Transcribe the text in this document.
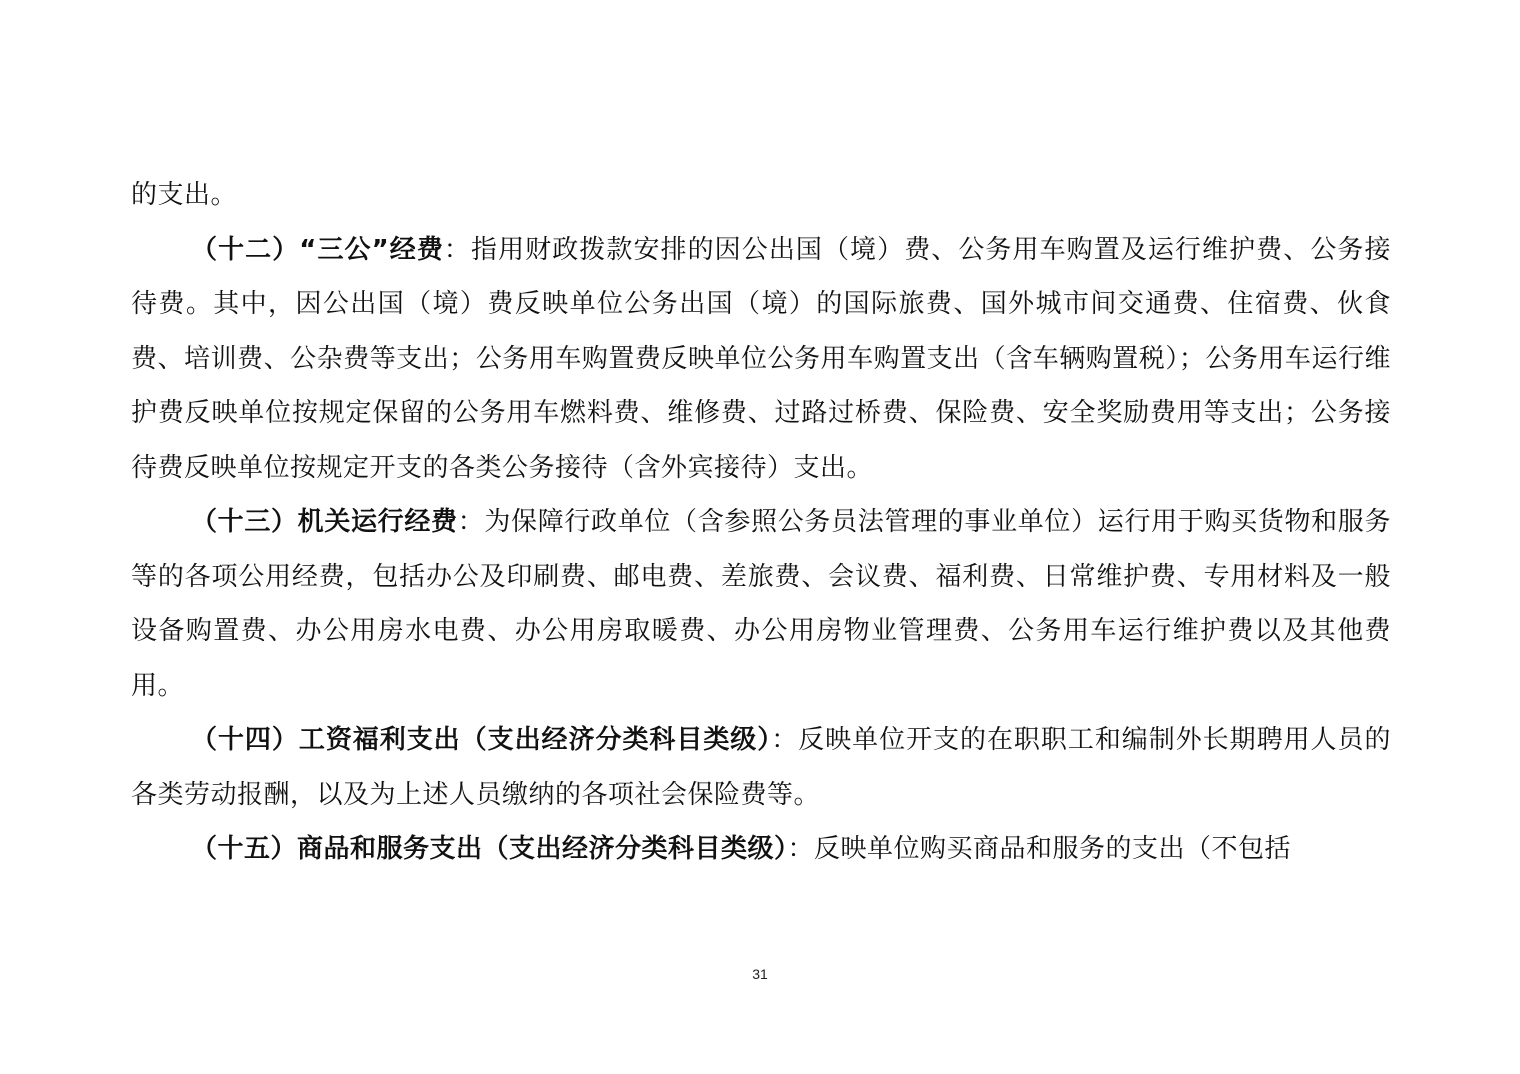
的支出。

（十二）“三公”经费：指用财政拨款安排的因公出国（境）费、公务用车购置及运行维护费、公务接待费。其中，因公出国（境）费反映单位公务出国（境）的国际旅费、国外城市间交通费、住宿费、伙食费、培训费、公杂费等支出；公务用车购置费反映单位公务用车购置支出（含车辆购置税）；公务用车运行维护费反映单位按规定保留的公务用车燃料费、维修费、过路过桥费、保险费、安全奖励费用等支出；公务接待费反映单位按规定开支的各类公务接待（含外宾接待）支出。

（十三）机关运行经费：为保障行政单位（含参照公务员法管理的事业单位）运行用于购买货物和服务等的各项公用经费，包括办公及印刷费、邮电费、差旅费、会议费、福利费、日常维护费、专用材料及一般设备购置费、办公用房水电费、办公用房取暖费、办公用房物业管理费、公务用车运行维护费以及其他费用。

（十四）工资福利支出（支出经济分类科目类级）：反映单位开支的在职职工和编制外长期聘用人员的各类劳动报酬，以及为上述人员缴纳的各项社会保险费等。

（十五）商品和服务支出（支出经济分类科目类级）：反映单位购买商品和服务的支出（不包括

31
